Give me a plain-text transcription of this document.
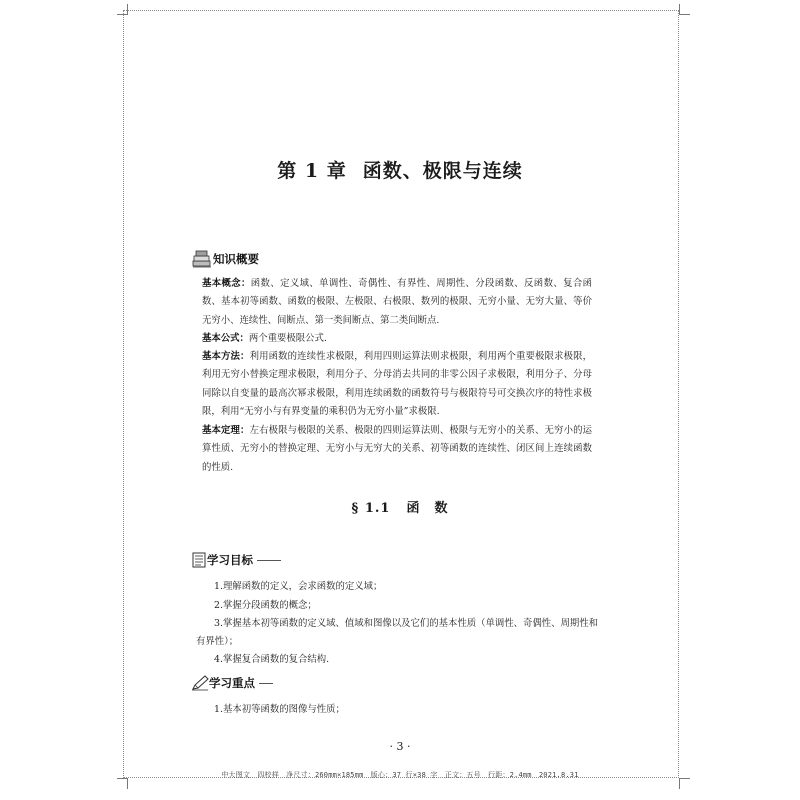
第 1 章 函数、极限与连续
知识概要
基本概念：函数、定义域、单调性、奇偶性、有界性、周期性、分段函数、反函数、复合函数、基本初等函数、函数的极限、左极限、右极限、数列的极限、无穷小量、无穷大量、等价无穷小、连续性、间断点、第一类间断点、第二类间断点.
基本公式：两个重要极限公式.
基本方法：利用函数的连续性求极限，利用四则运算法则求极限，利用两个重要极限求极限，利用无穷小替换定理求极限，利用分子、分母消去共同的非零公因子求极限，利用分子、分母同除以自变量的最高次幂求极限，利用连续函数的函数符号与极限符号可交换次序的特性求极限，利用“无穷小与有界变量的乘积仍为无穷小量”求极限.
基本定理：左右极限与极限的关系、极限的四则运算法则、极限与无穷小的关系、无穷小的运算性质、无穷小的替换定理、无穷小与无穷大的关系、初等函数的连续性、闭区间上连续函数的性质.
§ 1.1 函　数
学习目标
1.理解函数的定义，会求函数的定义域；
2.掌握分段函数的概念；
3.掌握基本初等函数的定义域、值域和图像以及它们的基本性质（单调性、奇偶性、周期性和有界性）；
4.掌握复合函数的复合结构.
学习重点
1.基本初等函数的图像与性质；
· 3 ·
中大图文　四校样　净尺寸：260mm×185mm　版心：37 行×38 字　正文：五号　行距：2.4mm　2021.8.31
